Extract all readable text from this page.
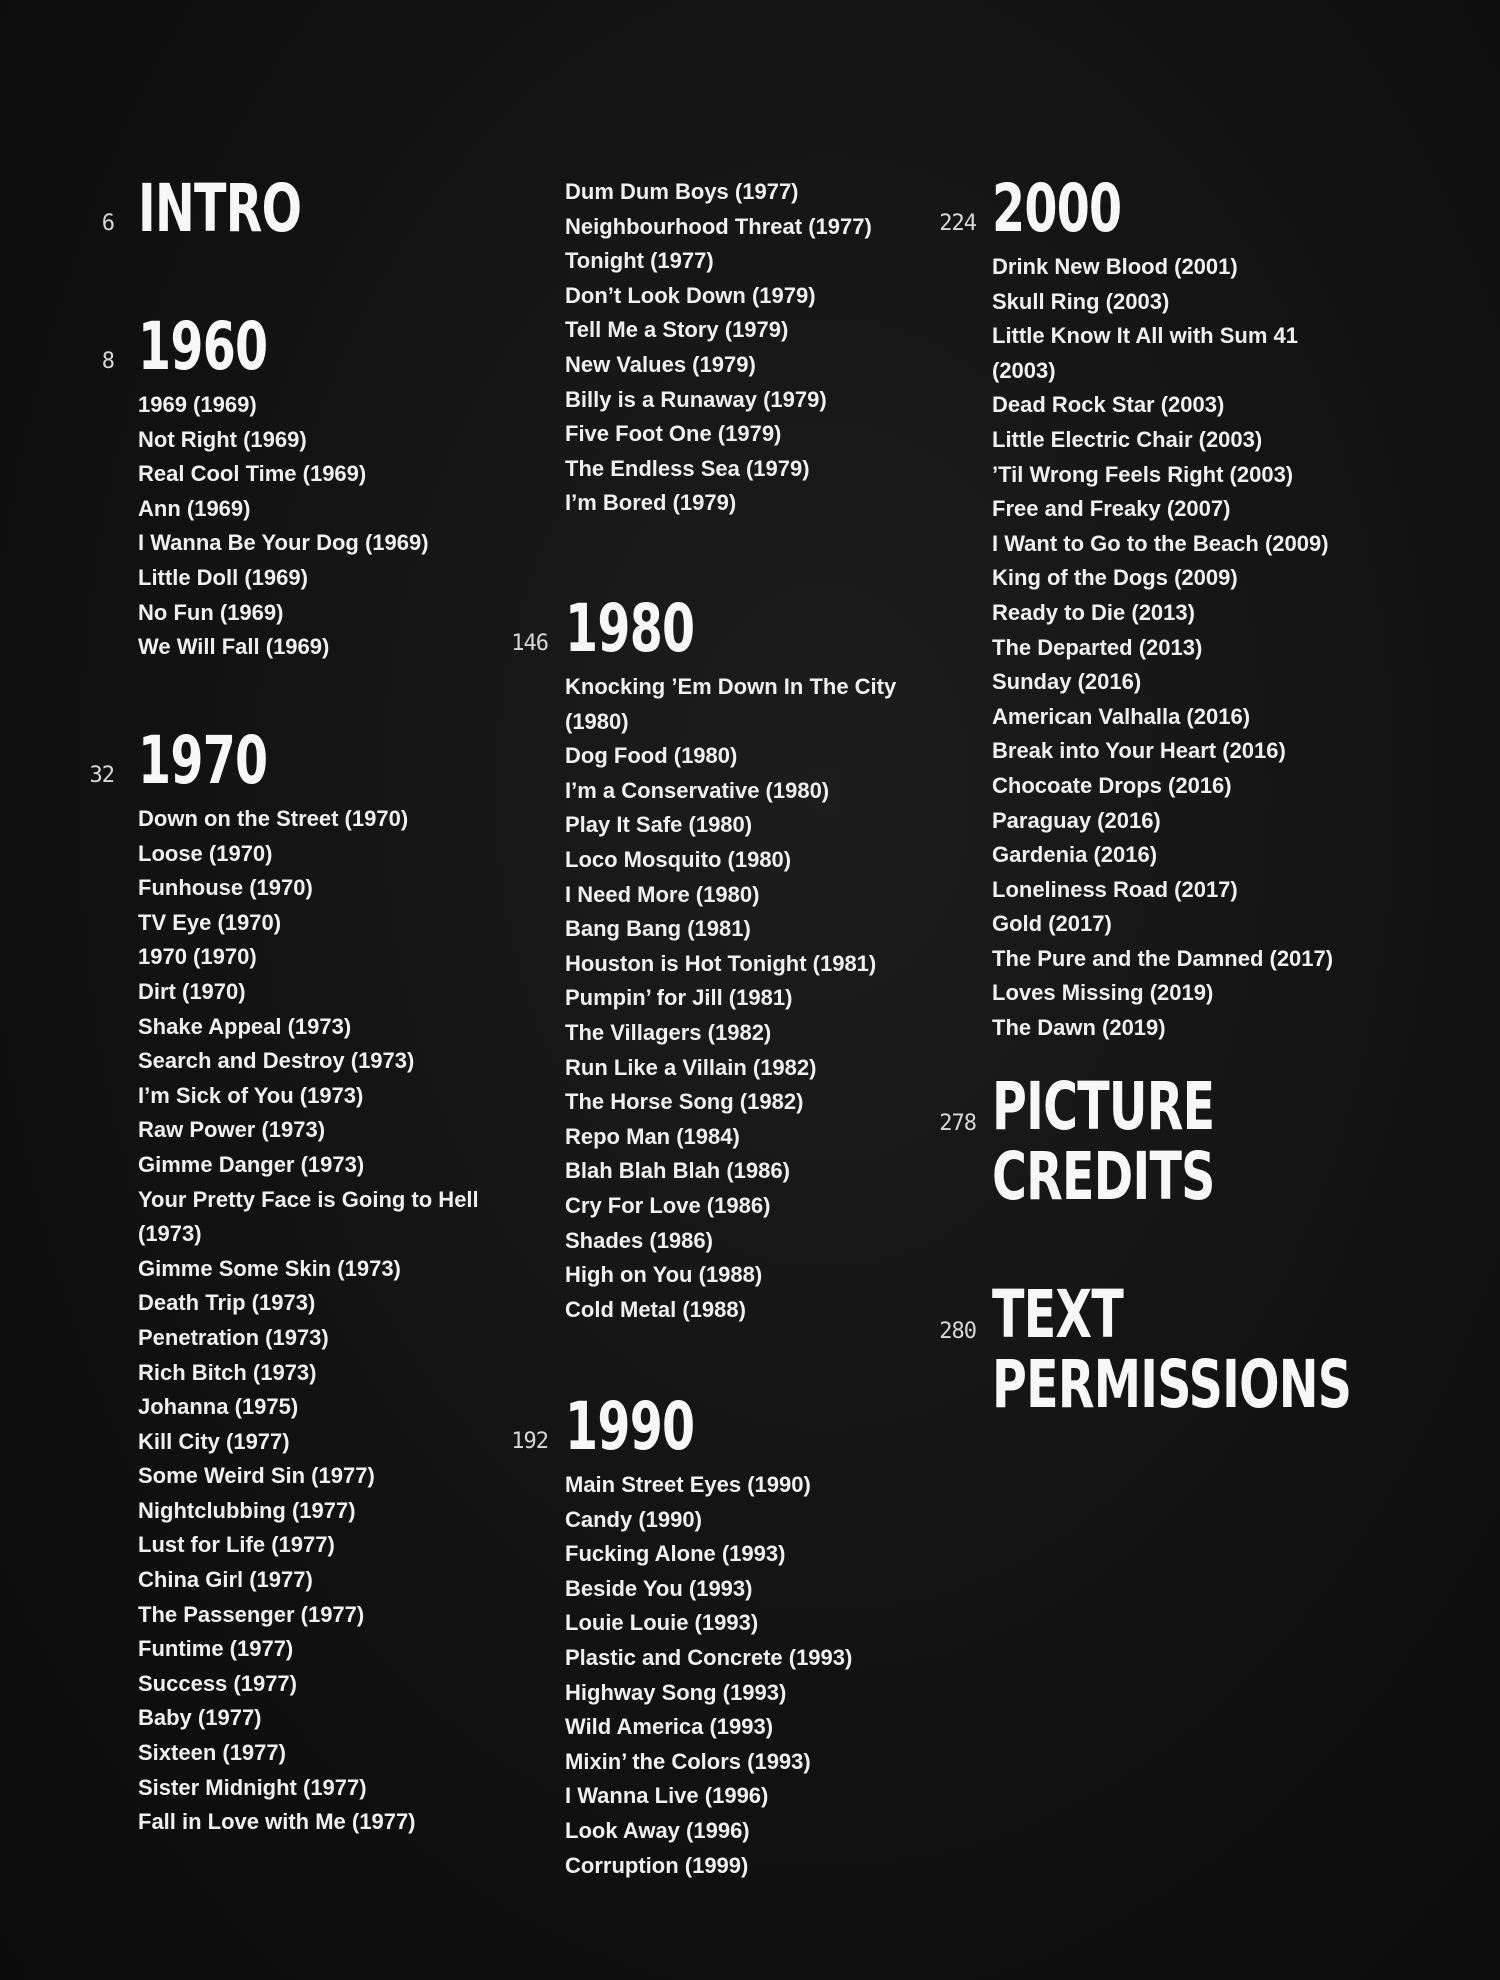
6 INTRO
8 1960
1969 (1969)
Not Right (1969)
Real Cool Time (1969)
Ann (1969)
I Wanna Be Your Dog (1969)
Little Doll (1969)
No Fun (1969)
We Will Fall (1969)
32 1970
Down on the Street (1970)
Loose (1970)
Funhouse (1970)
TV Eye (1970)
1970 (1970)
Dirt (1970)
Shake Appeal (1973)
Search and Destroy (1973)
I’m Sick of You (1973)
Raw Power (1973)
Gimme Danger (1973)
Your Pretty Face is Going to Hell (1973)
Gimme Some Skin (1973)
Death Trip (1973)
Penetration (1973)
Rich Bitch (1973)
Johanna (1975)
Kill City (1977)
Some Weird Sin (1977)
Nightclubbing (1977)
Lust for Life (1977)
China Girl (1977)
The Passenger (1977)
Funtime (1977)
Success (1977)
Baby (1977)
Sixteen (1977)
Sister Midnight (1977)
Fall in Love with Me (1977)
Dum Dum Boys (1977)
Neighbourhood Threat (1977)
Tonight (1977)
Don’t Look Down (1979)
Tell Me a Story (1979)
New Values (1979)
Billy is a Runaway (1979)
Five Foot One (1979)
The Endless Sea (1979)
I’m Bored (1979)
146 1980
Knocking ’Em Down In The City (1980)
Dog Food (1980)
I’m a Conservative (1980)
Play It Safe (1980)
Loco Mosquito (1980)
I Need More (1980)
Bang Bang (1981)
Houston is Hot Tonight (1981)
Pumpin’ for Jill (1981)
The Villagers (1982)
Run Like a Villain (1982)
The Horse Song (1982)
Repo Man (1984)
Blah Blah Blah (1986)
Cry For Love (1986)
Shades (1986)
High on You (1988)
Cold Metal (1988)
192 1990
Main Street Eyes (1990)
Candy (1990)
Fucking Alone (1993)
Beside You (1993)
Louie Louie (1993)
Plastic and Concrete (1993)
Highway Song (1993)
Wild America (1993)
Mixin’ the Colors (1993)
I Wanna Live (1996)
Look Away (1996)
Corruption (1999)
224 2000
Drink New Blood (2001)
Skull Ring (2003)
Little Know It All with Sum 41 (2003)
Dead Rock Star (2003)
Little Electric Chair (2003)
’Til Wrong Feels Right (2003)
Free and Freaky (2007)
I Want to Go to the Beach (2009)
King of the Dogs (2009)
Ready to Die (2013)
The Departed (2013)
Sunday (2016)
American Valhalla (2016)
Break into Your Heart (2016)
Chocoate Drops (2016)
Paraguay (2016)
Gardenia (2016)
Loneliness Road (2017)
Gold (2017)
The Pure and the Damned (2017)
Loves Missing (2019)
The Dawn (2019)
278 PICTURE
CREDITS
280 TEXT
PERMISSIONS
